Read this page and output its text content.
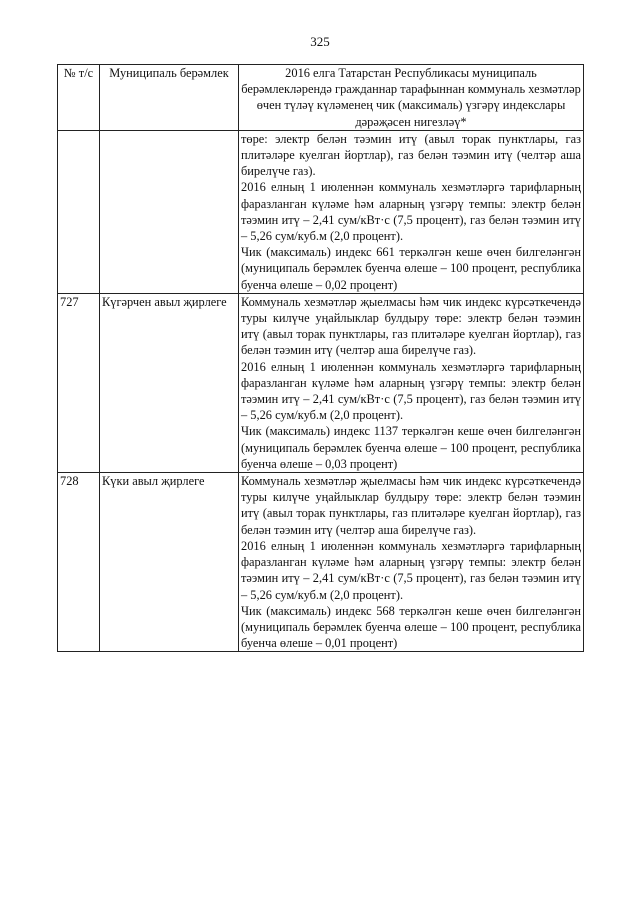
325
№ т/с	Муниципаль берәмлек	2016 елга Татарстан Республикасы муниципаль берәмлекләрендә гражданнар тарафыннан коммуналь хезмәтләр өчен түләү күләменең чик (максималь) үзгәрү индекслары дәрәҗәсен нигезләү*

		төре: электр белән тәэмин итү (авыл торак пунктлары, газ плитәләре куелган йортлар), газ белән тәэмин итү (челтәр аша бирелүче газ).
2016 елның 1 июленнән коммуналь хезмәтләргә тарифларның фаразланган күләме һәм аларның үзгәрү темпы: электр белән тәэмин итү – 2,41 сум/кВт·с (7,5 процент), газ белән тәэмин итү – 5,26 сум/куб.м (2,0 процент).
Чик (максималь) индекс 661 теркәлгән кеше өчен билгеләнгән (муниципаль берәмлек буенча өлеше – 100 процент, республика буенча өлеше – 0,02 процент)

727	Күгәрчен авыл җирлеге	Коммуналь хезмәтләр җыелмасы һәм чик индекс күрсәткечендә туры килүче уңайлыклар булдыру төре: электр белән тәэмин итү (авыл торак пунктлары, газ плитәләре куелган йортлар), газ белән тәэмин итү (челтәр аша бирелүче газ).
2016 елның 1 июленнән коммуналь хезмәтләргә тарифларның фаразланган күләме һәм аларның үзгәрү темпы: электр белән тәэмин итү – 2,41 сум/кВт·с (7,5 процент), газ белән тәэмин итү – 5,26 сум/куб.м (2,0 процент).
Чик (максималь) индекс 1137 теркәлгән кеше өчен билгеләнгән (муниципаль берәмлек буенча өлеше – 100 процент, республика буенча өлеше – 0,03 процент)

728	Күки авыл җирлеге	Коммуналь хезмәтләр җыелмасы һәм чик индекс күрсәткечендә туры килүче уңайлыклар булдыру төре: электр белән тәэмин итү (авыл торак пунктлары, газ плитәләре куелган йортлар), газ белән тәэмин итү (челтәр аша бирелүче газ).
2016 елның 1 июленнән коммуналь хезмәтләргә тарифларның фаразланган күләме һәм аларның үзгәрү темпы: электр белән тәэмин итү – 2,41 сум/кВт·с (7,5 процент), газ белән тәэмин итү – 5,26 сум/куб.м (2,0 процент).
Чик (максималь) индекс 568 теркәлгән кеше өчен билгеләнгән (муниципаль берәмлек буенча өлеше – 100 процент, республика буенча өлеше – 0,01 процент)
